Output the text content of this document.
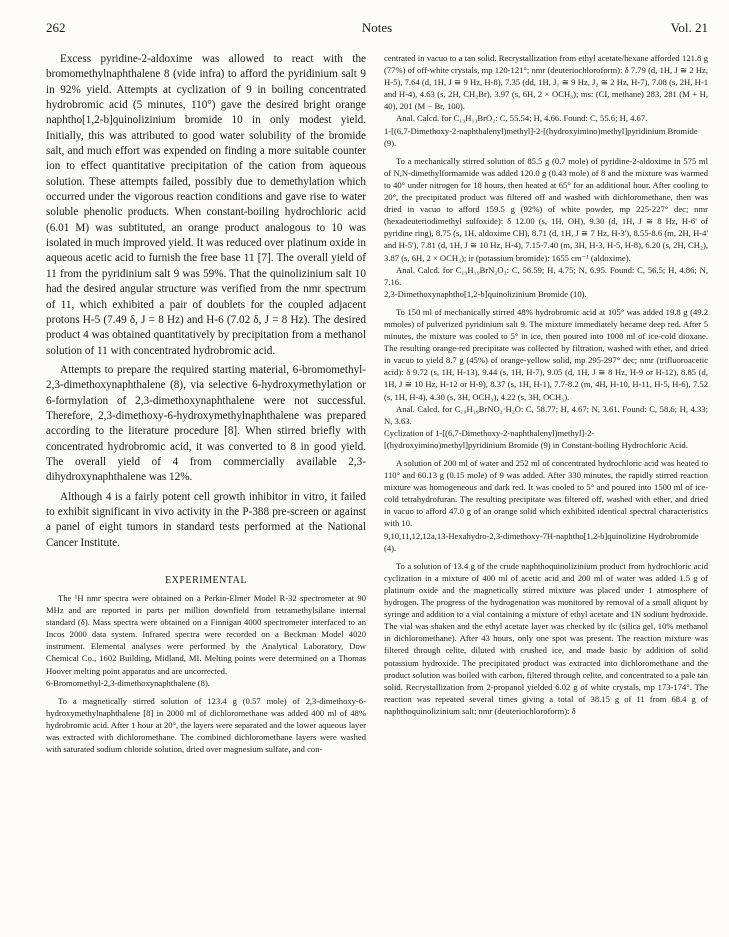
262	Notes	Vol. 21

Excess pyridine-2-aldoxime was allowed to react with the bromomethylnaphthalene 8 (vide infra) to afford the pyridinium salt 9 in 92% yield. Attempts at cyclization of 9 in boiling concentrated hydrobromic acid (5 minutes, 110°) gave the desired bright orange naphtho[1,2-b]quinolizinium bromide 10 in only modest yield. Initially, this was attributed to good water solubility of the bromide salt, and much effort was expended on finding a more suitable counter ion to effect quantitative precipitation of the cation from aqueous solution. These attempts failed, possibly due to demethylation which occurred under the vigorous reaction conditions and gave rise to water soluble phenolic products. When constant-boiling hydrochloric acid (6.01 M) was subtituted, an orange product analogous to 10 was isolated in much improved yield. It was reduced over platinum oxide in aqueous acetic acid to furnish the free base 11 [7]. The overall yield of 11 from the pyridinium salt 9 was 59%. That the quinolizinium salt 10 had the desired angular structure was verified from the nmr spectrum of 11, which exhibited a pair of doublets for the coupled adjacent protons H-5 (7.49 δ, J = 8 Hz) and H-6 (7.02 δ, J = 8 Hz). The desired product 4 was obtained quantitatively by precipitation from a methanol solution of 11 with concentrated hydrobromic acid.

Attempts to prepare the required starting material, 6-bromomethyl-2,3-dimethoxynaphthalene (8), via selective 6-hydroxymethylation or 6-formylation of 2,3-dimethoxynaphthalene were not successful. Therefore, 2,3-dimethoxy-6-hydroxymethylnaphthalene was prepared according to the literature procedure [8]. When stirred briefly with concentrated hydrobromic acid, it was converted to 8 in good yield. The overall yield of 4 from commercially available 2,3-dihydroxynaphthalene was 12%.

Although 4 is a fairly potent cell growth inhibitor in vitro, it failed to exhibit significant in vivo activity in the P-388 pre-screen or against a panel of eight tumors in standard tests performed at the National Cancer Institute.

EXPERIMENTAL

The ¹H nmr spectra were obtained on a Perkin-Elmer Model R-32 spectrometer at 90 MHz and are reported in parts per million downfield from tetramethylsilane internal standard (δ). Mass spectra were obtained on a Finnigan 4000 spectrometer interfaced to an Incos 2000 data system. Infrared spectra were recorded on a Beckman Model 4020 instrument. Elemental analyses were performed by the Analytical Laboratory, Dow Chemical Co., 1602 Building, Midland, MI. Melting points were determined on a Thomas Hoover melting point apparatus and are uncorrected.

6-Bromomethyl-2,3-dimethoxynaphthalene (8).

To a magnetically stirred solution of 123.4 g (0.57 mole) of 2,3-dimethoxy-6-hydroxymethylnaphthalene [8] in 2000 ml of dichloromethane was added 400 ml of 48% hydrobromic acid. After 1 hour at 20°, the layers were separated and the lower aqueous layer was extracted with dichloromethane. The combined dichloromethane layers were washed with saturated sodium chloride solution, dried over magnesium sulfate, and con-

centrated in vacuo to a tan solid. Recrystallization from ethyl acetate/hexane afforded 121.8 g (77%) of off-white crystals, mp 120-121°; nmr (deuteriochloroform): δ 7.79 (d, 1H, J ≅ 2 Hz, H-5), 7.64 (d, 1H, J ≅ 9 Hz, H-8), 7.35 (dd, 1H, J₁ ≅ 9 Hz, J₂ ≅ 2 Hz, H-7), 7.08 (s, 2H, H-1 and H-4), 4.63 (s, 2H, CH₂Br), 3.97 (s, 6H, 2 × OCH₃); ms: (CI, methane) 283, 281 (M + H, 40), 201 (M − Br, 100).

Anal. Calcd. for C₁₃H₁₃BrO₂: C, 55.54; H, 4.66. Found: C, 55.6; H, 4.67.

1-[(6,7-Dimethoxy-2-naphthalenyl)methyl]-2-[(hydroxyimino)methyl]pyridinium Bromide (9).

To a mechanically stirred solution of 85.5 g (0.7 mole) of pyridine-2-aldoxime in 575 ml of N,N-dimethylformamide was added 120.0 g (0.43 mole) of 8 and the mixture was warmed to 40° under nitrogen for 18 hours, then heated at 65° for an additional hour. After cooling to 20°, the precipitated product was filtered off and washed with dichloromethane, then was dried in vacuo to afford 159.5 g (92%) of white powder, mp 225-227° dec; nmr (hexadeuteriodimethyl sulfoxide): δ 12.00 (s, 1H, OH), 9.30 (d, 1H, J ≅ 8 Hz, H-6' of pyridine ring), 8.75 (s, 1H, aldoxime CH), 8.71 (d, 1H, J ≅ 7 Hz, H-3'), 8.55-8.6 (m, 2H, H-4' and H-5'), 7.81 (d, 1H, J ≅ 10 Hz, H-4), 7.15-7.40 (m, 3H, H-3, H-5, H-8), 6.20 (s, 2H, CH₂), 3.87 (s, 6H, 2 × OCH₃); ir (potassium bromide): 1655 cm⁻¹ (aldoxime).

Anal. Calcd. for C₁₉H₁₉BrN₂O₃: C, 56.59; H, 4.75; N, 6.95. Found: C, 56.5; H, 4.86; N, 7.16.

2,3-Dimethoxynaphtho[1,2-b]quinolizinium Bromide (10).

To 150 ml of mechanically stirred 48% hydrobromic acid at 105° was added 19.8 g (49.2 mmoles) of pulverized pyridinium salt 9. The mixture immediately became deep red. After 5 minutes, the mixture was cooled to 5° in ice, then poured into 1000 ml of ice-cold dioxane. The resulting orange-red precipitate was collected by filtration, washed with ether, and dried in vacuo to yield 8.7 g (45%) of orange-yellow solid, mp 295-297° dec; nmr (trifluoroacetic acid): δ 9.72 (s, 1H, H-13), 9.44 (s, 1H, H-7), 9.05 (d, 1H, J ≅ 8 Hz, H-9 or H-12), 8.85 (d, 1H, J ≅ 10 Hz, H-12 or H-9), 8.37 (s, 1H, H-1), 7.7-8.2 (m, 4H, H-10, H-11, H-5, H-6), 7.52 (s, 1H, H-4), 4.30 (s, 3H, OCH₃), 4.22 (s, 3H, OCH₃).

Anal. Calcd. for C₁₉H₁₆BrNO₂·H₂O: C, 58.77; H, 4.67; N, 3.61. Found: C, 58.6; H, 4.33; N, 3.63.

Cyclization of 1-[(6,7-Dimethoxy-2-naphthalenyl)methyl]-2-[(hydroxyimino)methyl]pyridinium Bromide (9) in Constant-boiling Hydrochloric Acid.

A solution of 200 ml of water and 252 ml of concentrated hydrochloric acid was heated to 110° and 60.13 g (0.15 mole) of 9 was added. After 330 minutes, the rapidly stirred reaction mixture was homogeneous and dark red. It was cooled to 5° and poured into 1500 ml of ice-cold tetrahydrofuran. The resulting precipitate was filtered off, washed with ether, and dried in vacuo to afford 47.0 g of an orange solid which exhibited identical spectral characteristics with 10.

9,10,11,12,12a,13-Hexahydro-2,3-dimethoxy-7H-naphtho[1,2-b]quinolizine Hydrobromide (4).

To a solution of 13.4 g of the crude naphthoquinolizinium product from hydrochloric acid cyclization in a mixture of 400 ml of acetic acid and 200 ml of water was added 1.5 g of platinum oxide and the magnetically stirred mixture was placed under 1 atmosphere of hydrogen. The progress of the hydrogenation was monitored by removal of a small aliquot by syringe and addition to a vial containing a mixture of ethyl acetate and 1N sodium hydroxide. The vial was shaken and the ethyl acetate layer was checked by tlc (silica gel, 10% methanol in dichloromethane). After 43 hours, only one spot was present. The reaction mixture was filtered through celite, diluted with crushed ice, and made basic by addition of solid potassium hydroxide. The precipitated product was extracted into dichloromethane and the product solution was boiled with carbon, filtered through celite, and concentrated to a pale tan solid. Recrystallization from 2-propanol yielded 6.02 g of white crystals, mp 173-174°. The reaction was repeated several times giving a total of 38.15 g of 11 from 68.4 g of naphthoquinolizinium salt; nmr (deuteriochloroform): δ
